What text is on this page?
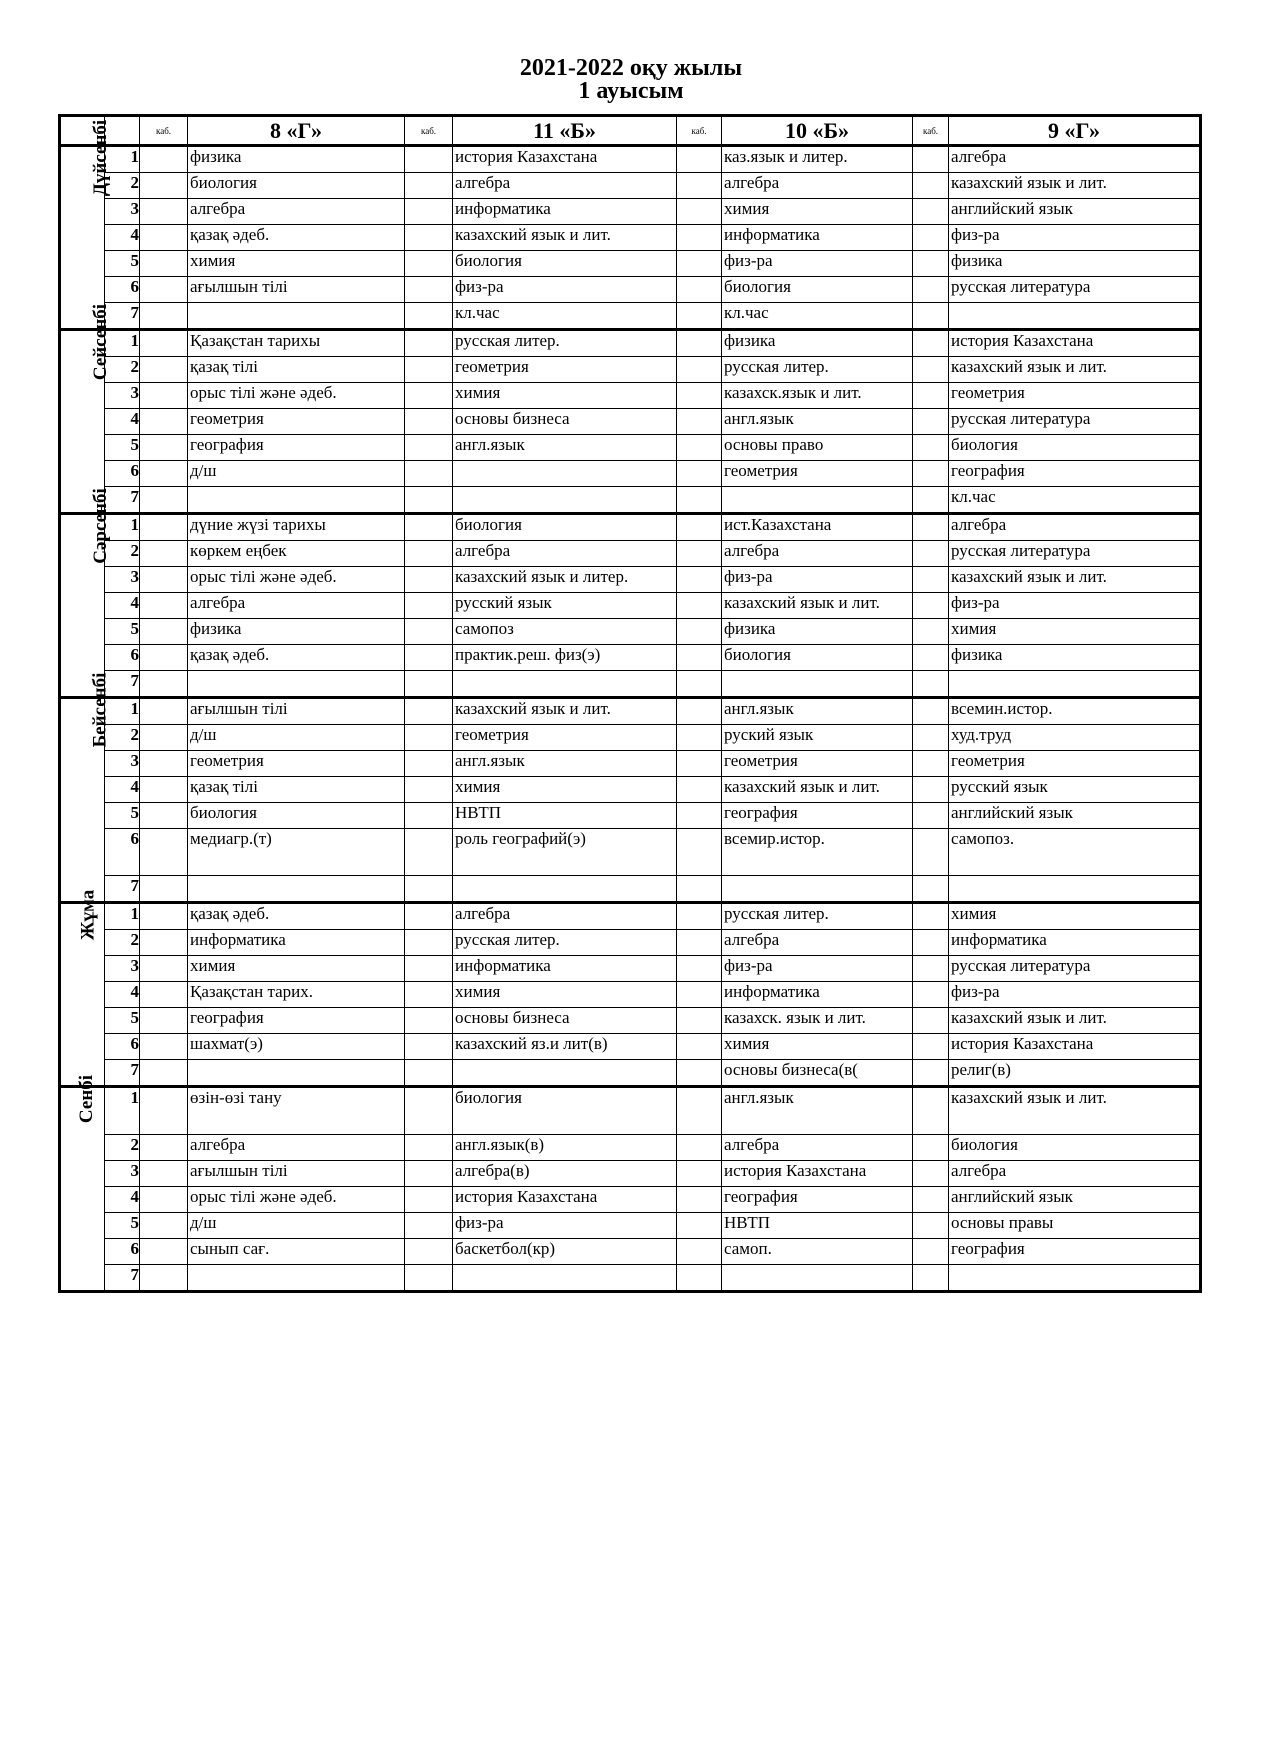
2021-2022 оқу жылы
1 ауысым
		каб.	8 «Г»	каб.	11 «Б»	каб.	10 «Б»	каб.	9 «Г»
Дүйсенбі	1		физика		история Казахстана		каз.язык и литер.		алгебра
	2		биология		алгебра		алгебра		казахский язык и лит.
	3		алгебра		информатика		химия		английский язык
	4		қазақ әдеб.		казахский язык и лит.		информатика		физ-ра
	5		химия		биология		физ-ра		физика
	6		ағылшын тілі		физ-ра		биология		русская литература
	7				кл.час		кл.час		
Сейсенбі	1		Қазақстан тарихы		русская литер.		физика		история Казахстана
	2		қазақ тілі		геометрия		русская литер.		казахский язык и лит.
	3		орыс тілі және әдеб.		химия		казахск.язык и лит.		геометрия
	4		геометрия		основы бизнеса		англ.язык		русская литература
	5		география		англ.язык		основы право		биология
	6		д/ш				геометрия		география
	7								кл.час
Сәрсенбі	1		дүние жүзі тарихы		биология		ист.Казахстана		алгебра
	2		көркем еңбек		алгебра		алгебра		русская литература
	3		орыс тілі және әдеб.		казахский язык и литер.		физ-ра		казахский язык и лит.
	4		алгебра		русский язык		казахский язык и лит.		физ-ра
	5		физика		самопоз		физика		химия
	6		қазақ әдеб.		практик.реш. физ(э)		биология		физика
	7								
Бейсенбі	1		ағылшын тілі		казахский язык и лит.		англ.язык		всемин.истор.
	2		д/ш		геометрия		руский язык		худ.труд
	3		геометрия		англ.язык		геометрия		геометрия
	4		қазақ тілі		химия		казахский язык и лит.		русский язык
	5		биология		НВТП		география		английский язык
	6		медиагр.(т)		роль географий(э)		всемир.истор.		самопоз.
	7								
Жұма	1		қазақ әдеб.		алгебра		русская литер.		химия
	2		информатика		русская литер.		алгебра		информатика
	3		химия		информатика		физ-ра		русская литература
	4		Қазақстан тарих.		химия		информатика		физ-ра
	5		география		основы бизнеса		казахск. язык и лит.		казахский язык и лит.
	6		шахмат(э)		казахский яз.и лит(в)		химия		история Казахстана
	7						основы бизнеса(в(		религ(в)
Сенбі	1		өзін-өзі тану		биология		англ.язык		казахский язык и лит.
	2		алгебра		англ.язык(в)		алгебра		биология
	3		ағылшын тілі		алгебра(в)		история Казахстана		алгебра
	4		орыс тілі және әдеб.		история Казахстана		география		английский язык
	5		д/ш		физ-ра		НВТП		основы правы
	6		сынып сағ.		баскетбол(кр)		самоп.		география
	7								
